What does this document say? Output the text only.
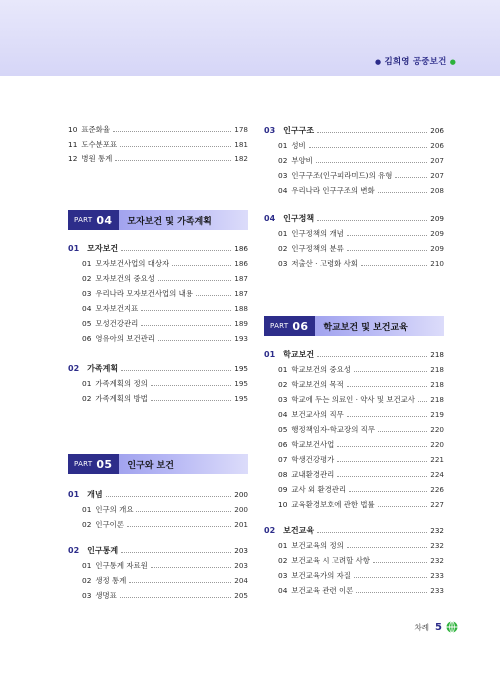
● 김희영 공중보건 ●
10 표준화율	178
11 도수분포표	181
12 병원 통계	182
PART 04 모자보건 및 가족계획
01 모자보건	186
01 모자보건사업의 대상자	186
02 모자보건의 중요성	187
03 우리나라 모자보건사업의 내용	187
04 모자보건지표	188
05 모성건강관리	189
06 영유아의 보건관리	193
02 가족계획	195
01 가족계획의 정의	195
02 가족계획의 방법	195
PART 05 인구와 보건
01 개념	200
01 인구의 개요	200
02 인구이론	201
02 인구통계	203
01 인구통계 자료원	203
02 생정 통계	204
03 생명표	205
03 인구구조	206
01 성비	206
02 부양비	207
03 인구구조(인구피라미드)의 유형	207
04 우리나라 인구구조의 변화	208
04 인구정책	209
01 인구정책의 개념	209
02 인구정책의 분류	209
03 저출산 · 고령화 사회	210
PART 06 학교보건 및 보건교육
01 학교보건	218
01 학교보건의 중요성	218
02 학교보건의 목적	218
03 학교에 두는 의료인 · 약사 및 보건교사 218
04 보건교사의 직무	219
05 행정책임자-학교장의 직무	220
06 학교보건사업	220
07 학생건강평가	221
08 교내환경관리	224
09 교사 외 환경관리	226
10 교육환경보호에 관한 법률	227
02 보건교육	232
01 보건교육의 정의	232
02 보건교육 시 고려할 사항	232
03 보건교육가의 자질	233
04 보건교육 관련 이론	233
차례 5
